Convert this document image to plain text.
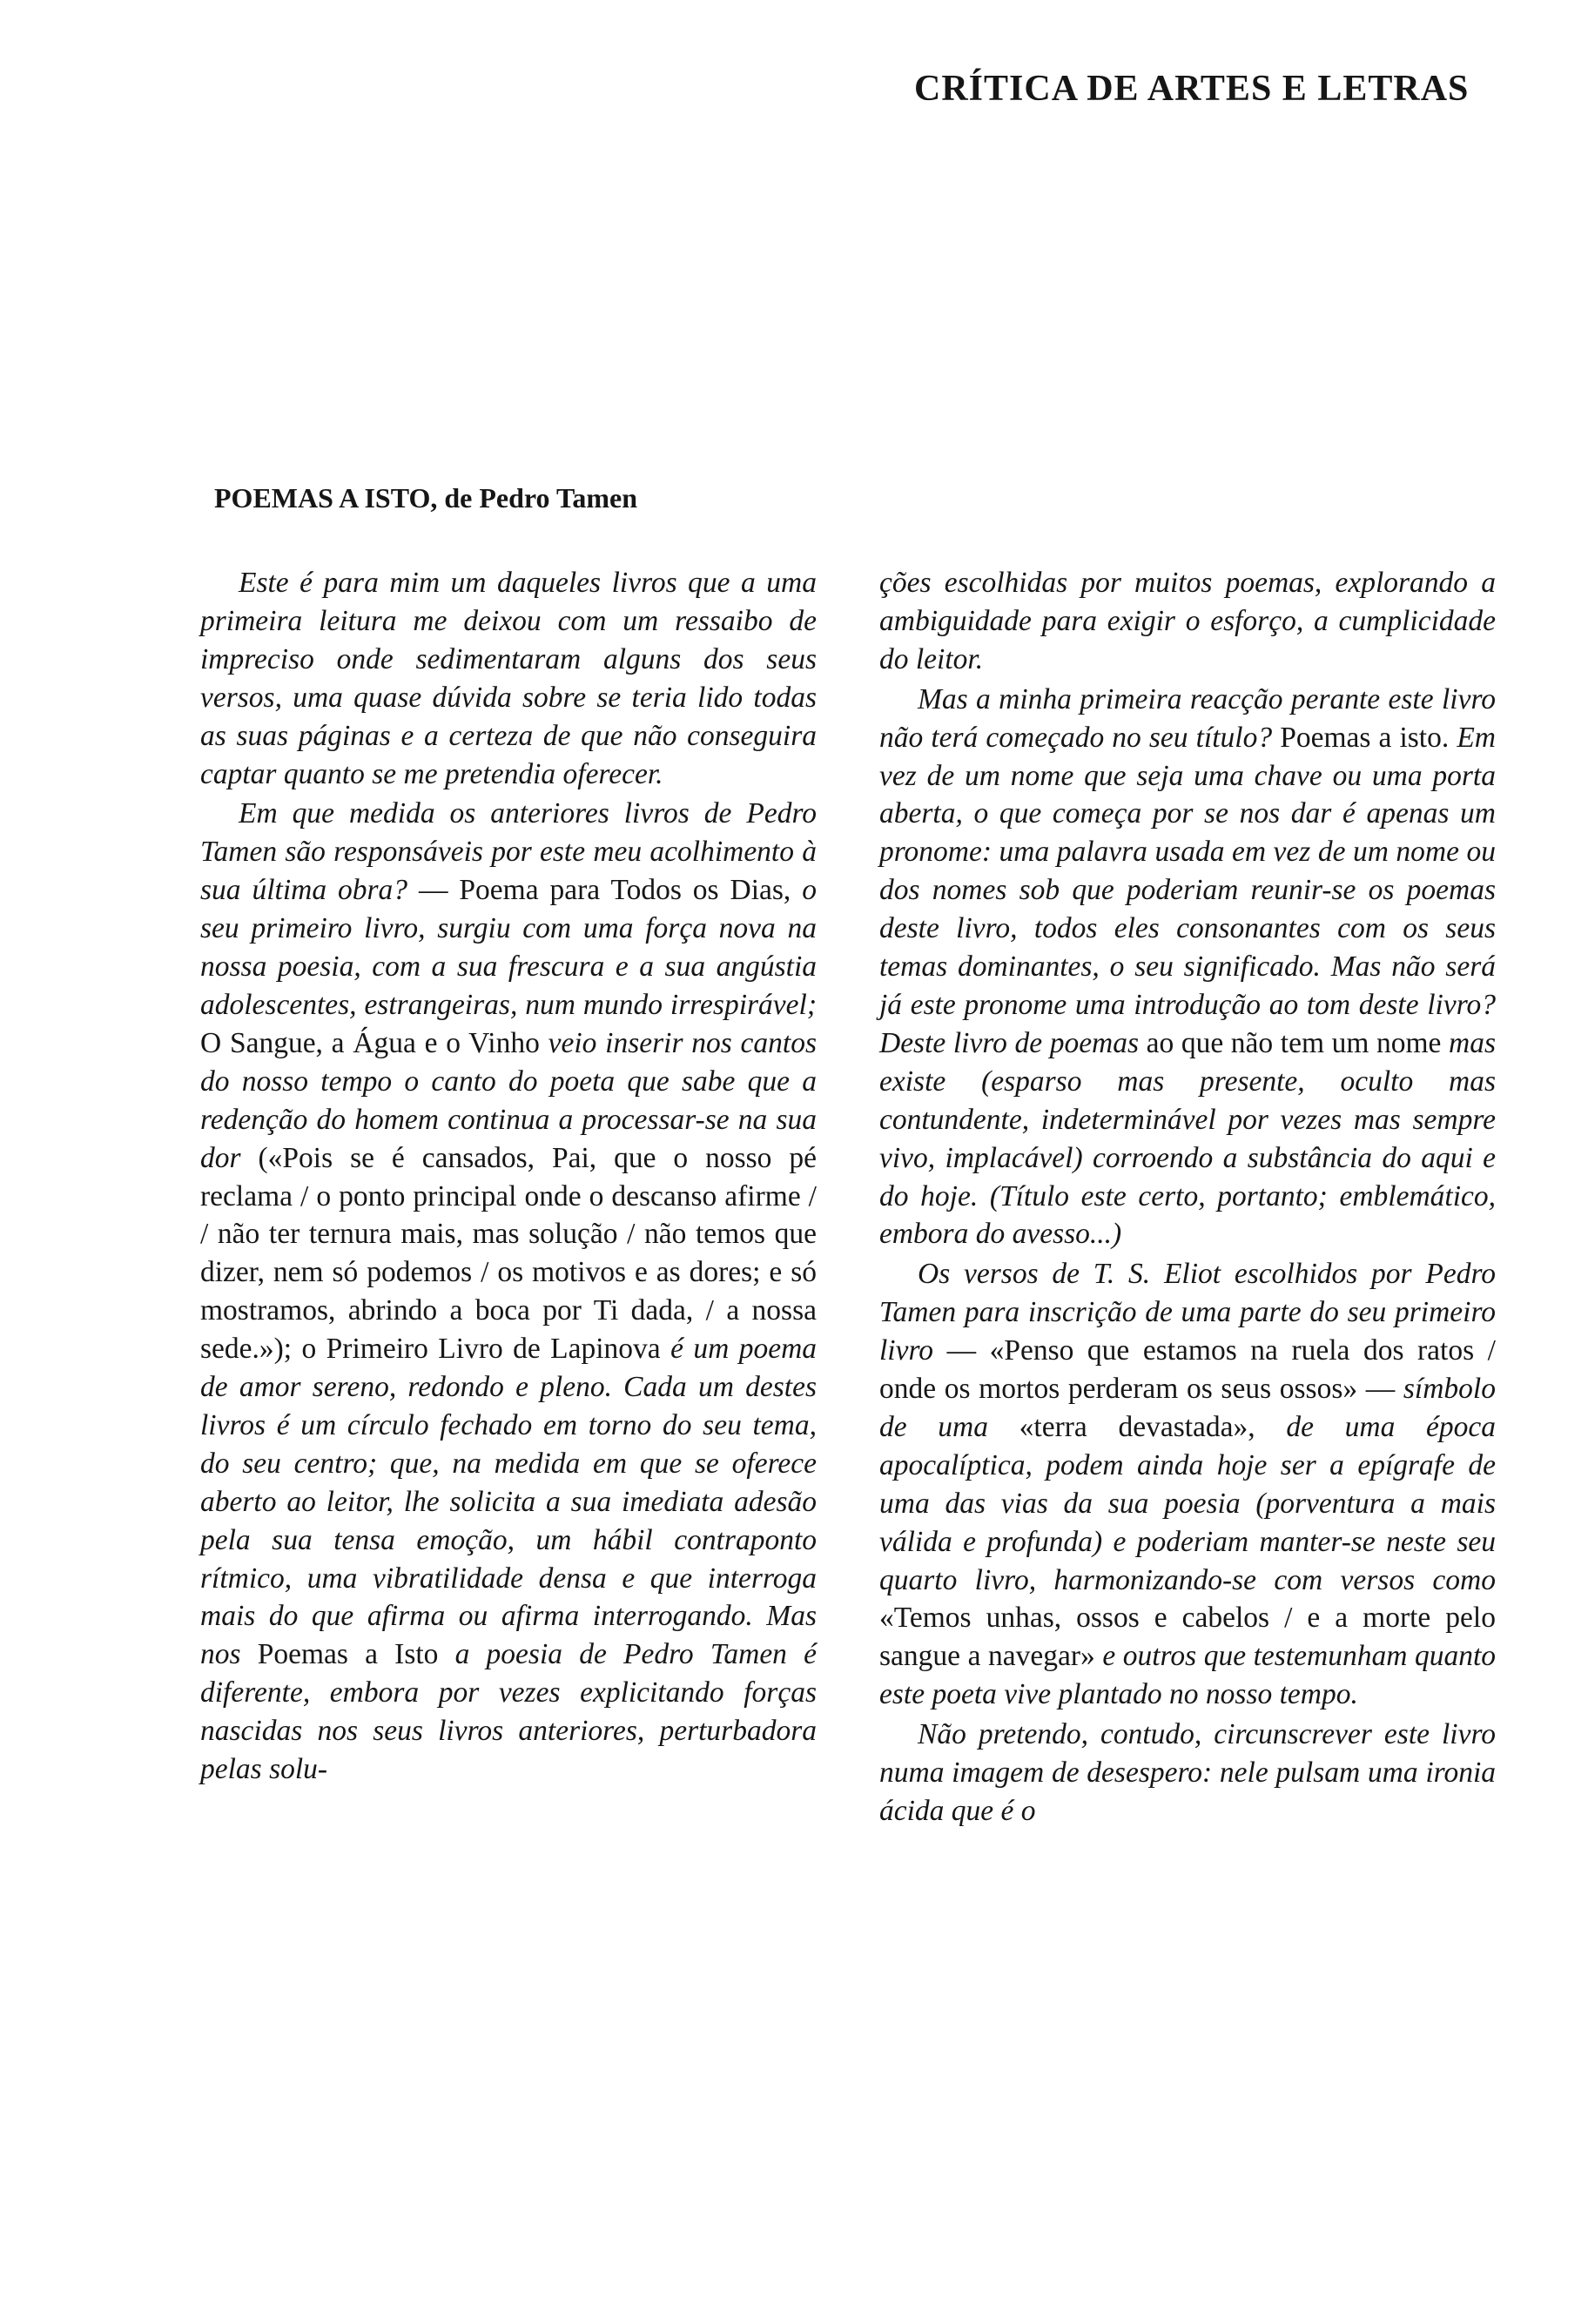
CRÍTICA DE ARTES E LETRAS
POEMAS A ISTO, de Pedro Tamen

Este é para mim um daqueles livros que a uma primeira leitura me deixou com um ressaibo de impreciso onde sedimentaram alguns dos seus versos, uma quase dúvida sobre se teria lido todas as suas páginas e a certeza de que não conseguira captar quanto se me pretendia oferecer.

Em que medida os anteriores livros de Pedro Tamen são responsáveis por este meu acolhimento à sua última obra? — Poema para Todos os Dias, o seu primeiro livro, surgiu com uma força nova na nossa poesia, com a sua frescura e a sua angústia adolescentes, estrangeiras, num mundo irrespirável; O Sangue, a Água e o Vinho veio inserir nos cantos do nosso tempo o canto do poeta que sabe que a redenção do homem continua a processar-se na sua dor («Pois se é cansados, Pai, que o nosso pé reclama / o ponto principal onde o descanso afirme / / não ter ternura mais, mas solução / não temos que dizer, nem só podemos / os motivos e as dores; e só mostramos, abrindo a boca por Ti dada, / a nossa sede.»); o Primeiro Livro de Lapinova é um poema de amor sereno, redondo e pleno. Cada um destes livros é um círculo fechado em torno do seu tema, do seu centro; que, na medida em que se oferece aberto ao leitor, lhe solicita a sua imediata adesão pela sua tensa emoção, um hábil contraponto rítmico, uma vibratilidade densa e que interroga mais do que afirma ou afirma interrogando. Mas nos Poemas a Isto a poesia de Pedro Tamen é diferente, embora por vezes explicitando forças nascidas nos seus livros anteriores, perturbadora pelas solu-

ções escolhidas por muitos poemas, explorando a ambiguidade para exigir o esforço, a cumplicidade do leitor.

Mas a minha primeira reacção perante este livro não terá começado no seu título? Poemas a isto. Em vez de um nome que seja uma chave ou uma porta aberta, o que começa por se nos dar é apenas um pronome: uma palavra usada em vez de um nome ou dos nomes sob que poderiam reunir-se os poemas deste livro, todos eles consonantes com os seus temas dominantes, o seu significado. Mas não será já este pronome uma introdução ao tom deste livro? Deste livro de poemas ao que não tem um nome mas existe (esparso mas presente, oculto mas contundente, indeterminável por vezes mas sempre vivo, implacável) corroendo a substância do aqui e do hoje. (Título este certo, portanto; emblemático, embora do avesso...)

Os versos de T. S. Eliot escolhidos por Pedro Tamen para inscrição de uma parte do seu primeiro livro — «Penso que estamos na ruela dos ratos / onde os mortos perderam os seus ossos» — símbolo de uma «terra devastada», de uma época apocalíptica, podem ainda hoje ser a epígrafe de uma das vias da sua poesia (porventura a mais válida e profunda) e poderiam manter-se neste seu quarto livro, harmonizando-se com versos como «Temos unhas, ossos e cabelos / e a morte pelo sangue a navegar» e outros que testemunham quanto este poeta vive plantado no nosso tempo.

Não pretendo, contudo, circunscrever este livro numa imagem de desespero: nele pulsam uma ironia ácida que é o
